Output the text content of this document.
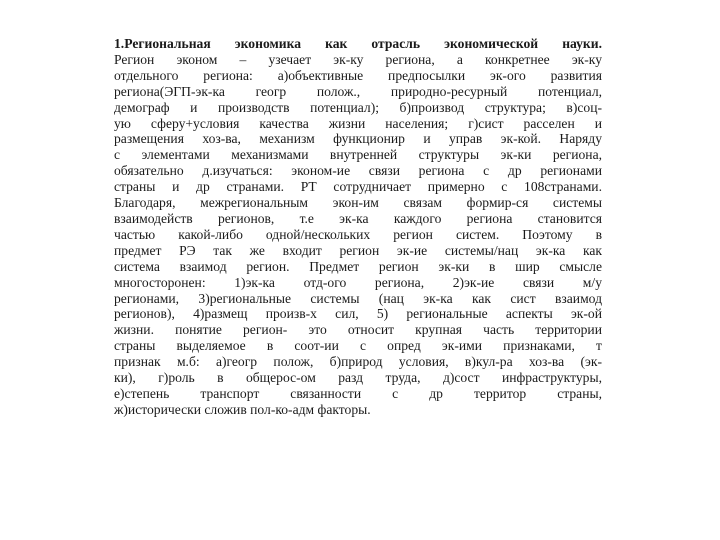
1.Региональная экономика как отрасль экономической науки.
Регион эконом – узечает эк-ку региона, а конкретнее эк-ку
отдельного региона: а)объективные предпосылки эк-ого развития
региона(ЭГП-эк-ка геогр полож., природно-ресурный потенциал,
демограф и производств потенциал); б)производ структура; в)соц-
ую сферу+условия качества жизни населения; г)сист расселен и
размещения хоз-ва, механизм функционир и управ эк-кой. Наряду
с элементами механизмами внутренней структуры эк-ки региона,
обязательно д.изучаться: эконом-ие связи региона с др регионами
страны и др странами. РТ сотрудничает примерно с 108странами.
Благодаря, межрегиональным экон-им связам формир-ся системы
взаимодейств регионов, т.е эк-ка каждого региона становится
частью какой-либо одной/нескольких регион систем. Поэтому в
предмет РЭ так же входит регион эк-ие системы/нац эк-ка как
система взаимод регион. Предмет регион эк-ки в шир смысле
многосторонен: 1)эк-ка отд-ого региона, 2)эк-ие связи м/у
регионами, 3)региональные системы (нац эк-ка как сист взаимод
регионов), 4)размещ произв-х сил, 5) региональные аспекты эк-ой
жизни. понятие регион- это относит крупная часть территории
страны выделяемое в соот-ии с опред эк-ими признаками, т
признак м.б: а)геогр полож, б)природ условия, в)кул-ра хоз-ва (эк-
ки), г)роль в общерос-ом разд труда, д)сост инфраструктуры,
е)степень транспорт связанности с др территор страны,
ж)исторически сложив пол-ко-адм факторы.
